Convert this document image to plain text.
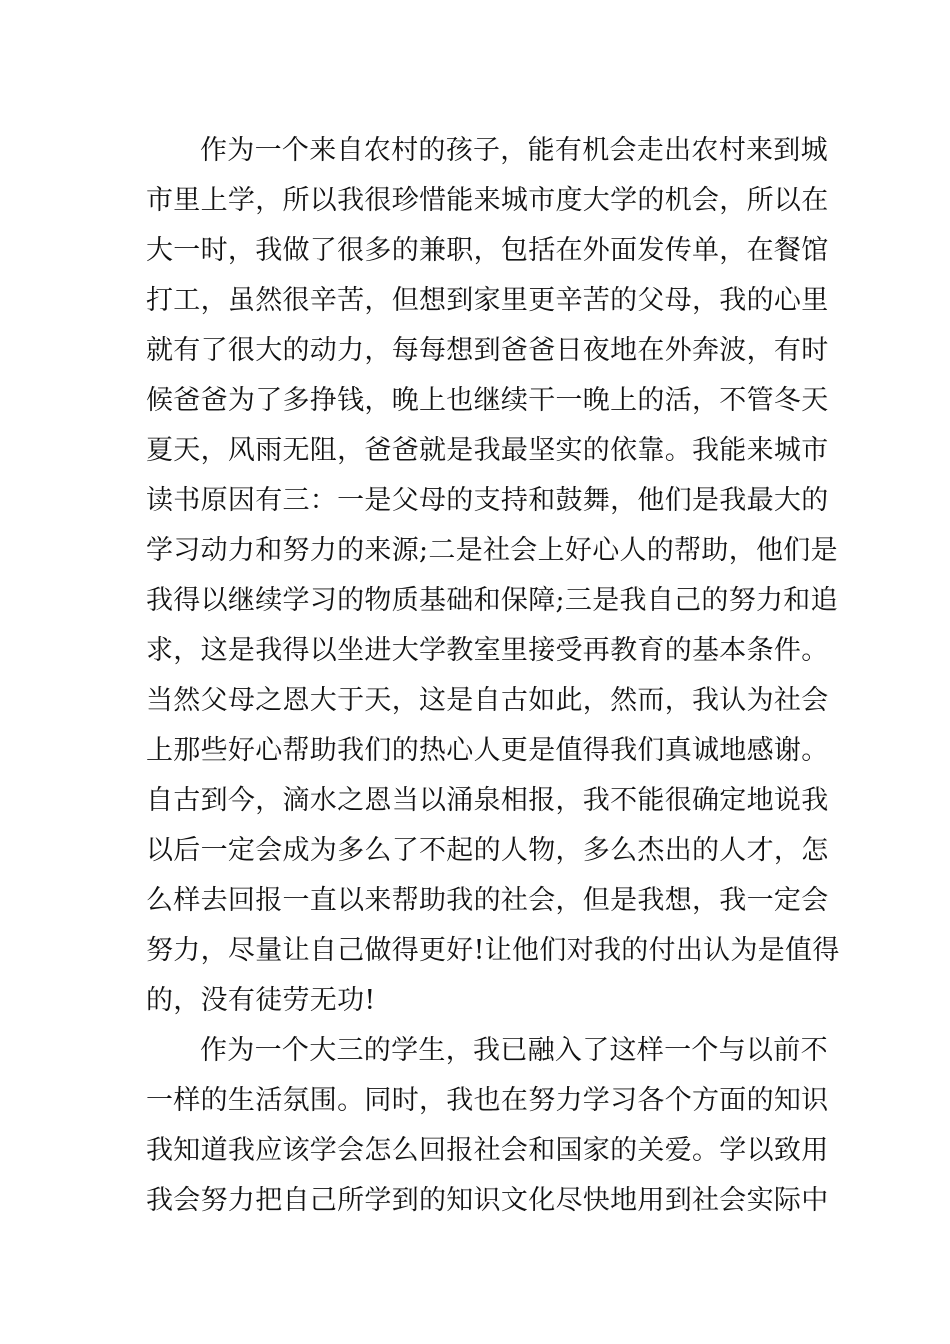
作为一个来自农村的孩子，能有机会走出农村来到城
市里上学，所以我很珍惜能来城市度大学的机会，所以在
大一时，我做了很多的兼职，包括在外面发传单，在餐馆
打工，虽然很辛苦，但想到家里更辛苦的父母，我的心里
就有了很大的动力，每每想到爸爸日夜地在外奔波，有时
候爸爸为了多挣钱，晚上也继续干一晚上的活，不管冬天
夏天，风雨无阻，爸爸就是我最坚实的依靠。我能来城市
读书原因有三：一是父母的支持和鼓舞，他们是我最大的
学习动力和努力的来源;二是社会上好心人的帮助，他们是
我得以继续学习的物质基础和保障;三是我自己的努力和追
求，这是我得以坐进大学教室里接受再教育的基本条件。
当然父母之恩大于天，这是自古如此，然而，我认为社会
上那些好心帮助我们的热心人更是值得我们真诚地感谢。
自古到今，滴水之恩当以涌泉相报，我不能很确定地说我
以后一定会成为多么了不起的人物，多么杰出的人才，怎
么样去回报一直以来帮助我的社会，但是我想，我一定会
努力，尽量让自己做得更好!让他们对我的付出认为是值得
的，没有徒劳无功!
作为一个大三的学生，我已融入了这样一个与以前不
一样的生活氛围。同时，我也在努力学习各个方面的知识
我知道我应该学会怎么回报社会和国家的关爱。学以致用
我会努力把自己所学到的知识文化尽快地用到社会实际中
